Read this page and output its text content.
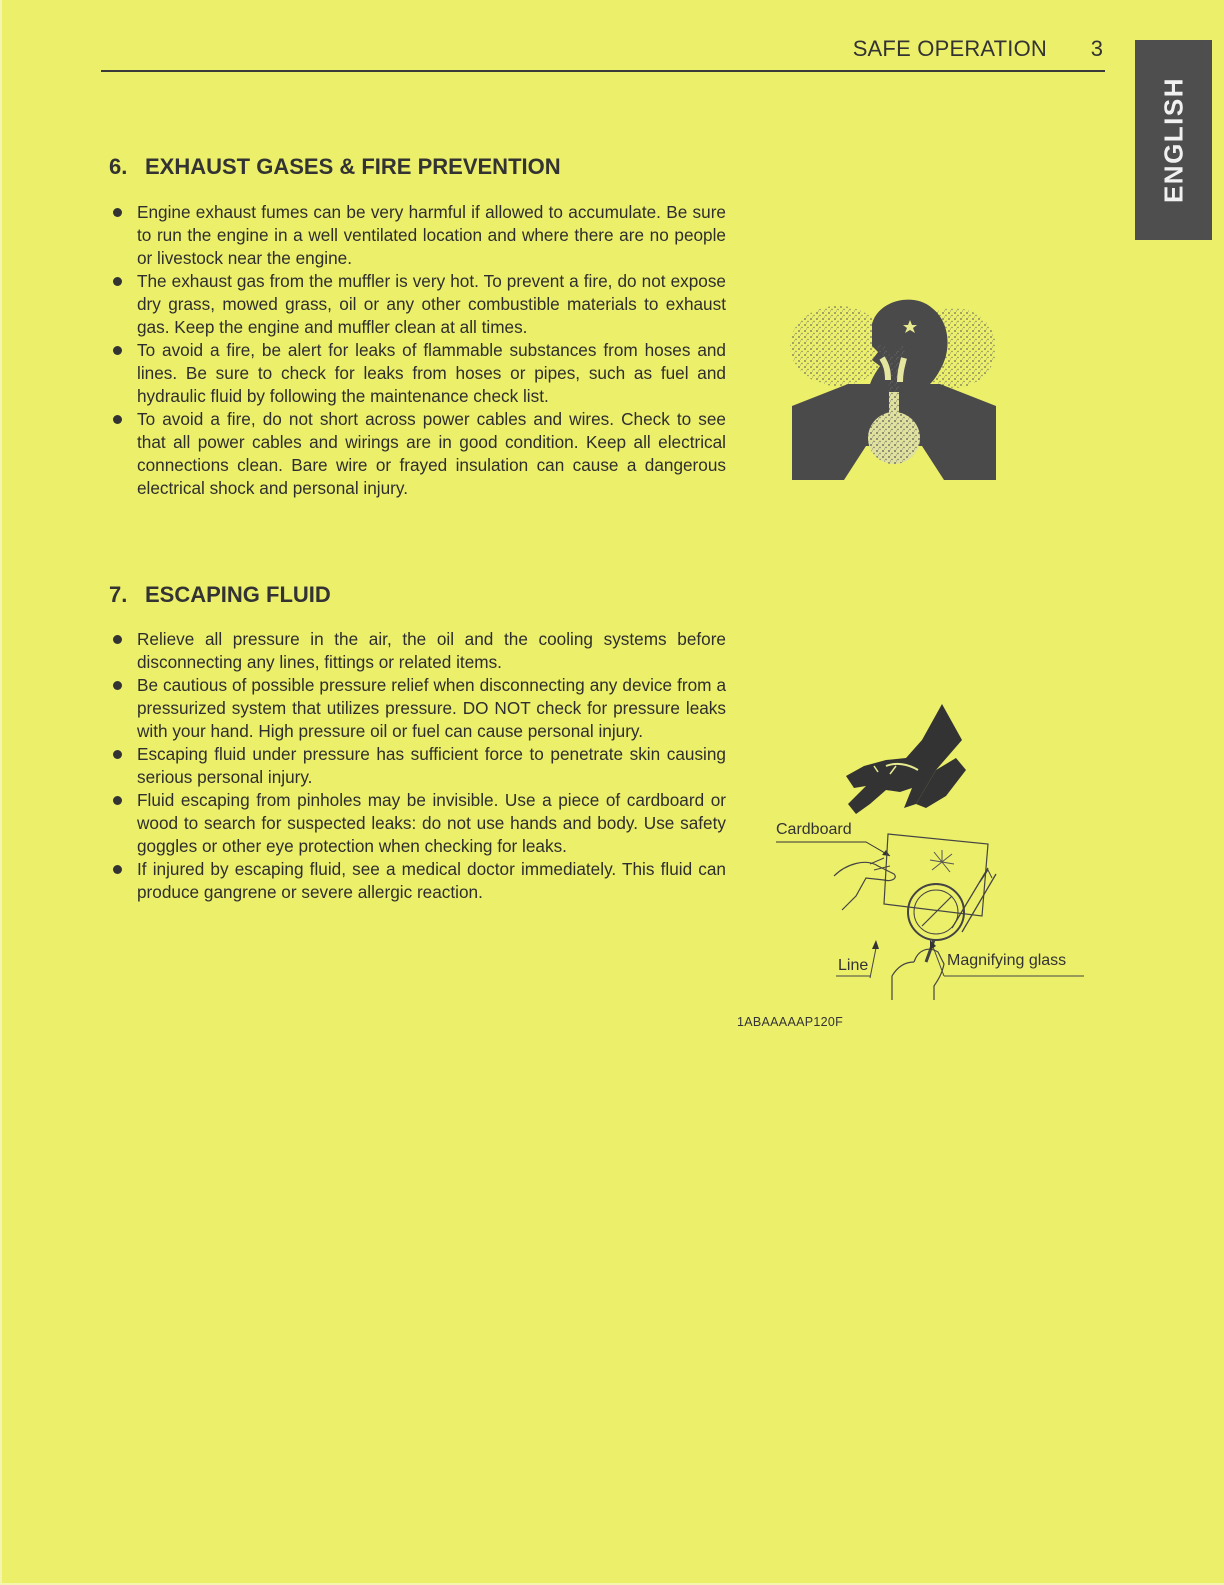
SAFE OPERATION 3
ENGLISH
6. EXHAUST GASES & FIRE PREVENTION
Engine exhaust fumes can be very harmful if allowed to accumulate. Be sure to run the engine in a well ventilated location and where there are no people or livestock near the engine.
The exhaust gas from the muffler is very hot. To prevent a fire, do not expose dry grass, mowed grass, oil or any other combustible materials to exhaust gas. Keep the engine and muffler clean at all times.
To avoid a fire, be alert for leaks of flammable substances from hoses and lines. Be sure to check for leaks from hoses or pipes, such as fuel and hydraulic fluid by following the maintenance check list.
To avoid a fire, do not short across power cables and wires. Check to see that all power cables and wirings are in good condition. Keep all electrical connections clean. Bare wire or frayed insulation can cause a dangerous electrical shock and personal injury.
7. ESCAPING FLUID
Relieve all pressure in the air, the oil and the cooling systems before disconnecting any lines, fittings or related items.
Be cautious of possible pressure relief when disconnecting any device from a pressurized system that utilizes pressure. DO NOT check for pressure leaks with your hand. High pressure oil or fuel can cause personal injury.
Escaping fluid under pressure has sufficient force to penetrate skin causing serious personal injury.
Fluid escaping from pinholes may be invisible. Use a piece of cardboard or wood to search for suspected leaks: do not use hands and body. Use safety goggles or other eye protection when checking for leaks.
If injured by escaping fluid, see a medical doctor immediately. This fluid can produce gangrene or severe allergic reaction.
Cardboard
Line	Magnifying glass
1ABAAAAAP120F
